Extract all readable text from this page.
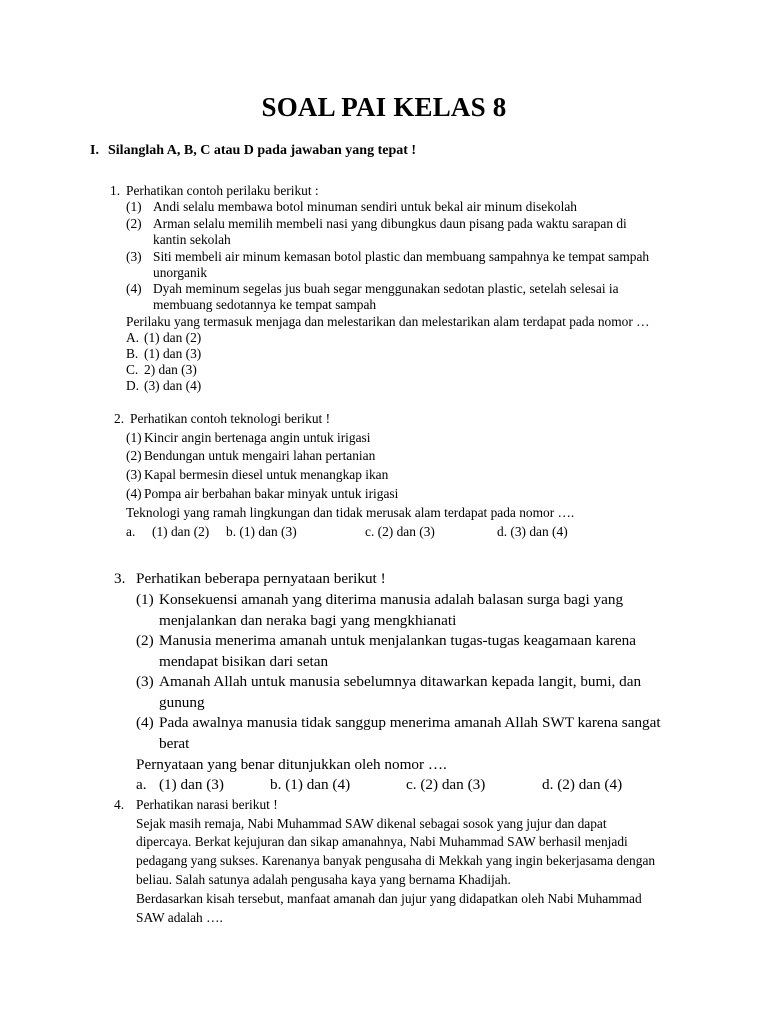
SOAL PAI KELAS 8
I. Silanglah A, B, C atau D pada jawaban yang tepat !
1. Perhatikan contoh perilaku berikut :
(1) Andi selalu membawa botol minuman sendiri untuk bekal air minum disekolah
(2) Arman selalu memilih membeli nasi yang dibungkus daun pisang pada waktu sarapan di
kantin sekolah
(3) Siti membeli air minum kemasan botol plastic dan membuang sampahnya ke tempat sampah
unorganik
(4) Dyah meminum segelas jus buah segar menggunakan sedotan plastic, setelah selesai ia
membuang sedotannya ke tempat sampah
Perilaku yang termasuk menjaga dan melestarikan dan melestarikan alam terdapat pada nomor …
A. (1) dan (2)
B. (1) dan (3)
C. 2) dan (3)
D. (3) dan (4)
2. Perhatikan contoh teknologi berikut !
(1) Kincir angin bertenaga angin untuk irigasi
(2) Bendungan untuk mengairi lahan pertanian
(3) Kapal bermesin diesel untuk menangkap ikan
(4) Pompa air berbahan bakar minyak untuk irigasi
Teknologi yang ramah lingkungan dan tidak merusak alam terdapat pada nomor ….
a. (1) dan (2) b. (1) dan (3)	c. (2) dan (3)	d. (3) dan (4)
3. Perhatikan beberapa pernyataan berikut !
(1) Konsekuensi amanah yang diterima manusia adalah balasan surga bagi yang
menjalankan dan neraka bagi yang mengkhianati
(2) Manusia menerima amanah untuk menjalankan tugas-tugas keagamaan karena
mendapat bisikan dari setan
(3) Amanah Allah untuk manusia sebelumnya ditawarkan kepada langit, bumi, dan
gunung
(4) Pada awalnya manusia tidak sanggup menerima amanah Allah SWT karena sangat
berat
Pernyataan yang benar ditunjukkan oleh nomor ….
a. (1) dan (3)	b. (1) dan (4)	c. (2) dan (3)	d. (2) dan (4)
4. Perhatikan narasi berikut !
Sejak masih remaja, Nabi Muhammad SAW dikenal sebagai sosok yang jujur dan dapat
dipercaya. Berkat kejujuran dan sikap amanahnya, Nabi Muhammad SAW berhasil menjadi
pedagang yang sukses. Karenanya banyak pengusaha di Mekkah yang ingin bekerjasama dengan
beliau. Salah satunya adalah pengusaha kaya yang bernama Khadijah.
Berdasarkan kisah tersebut, manfaat amanah dan jujur yang didapatkan oleh Nabi Muhammad
SAW adalah ….
